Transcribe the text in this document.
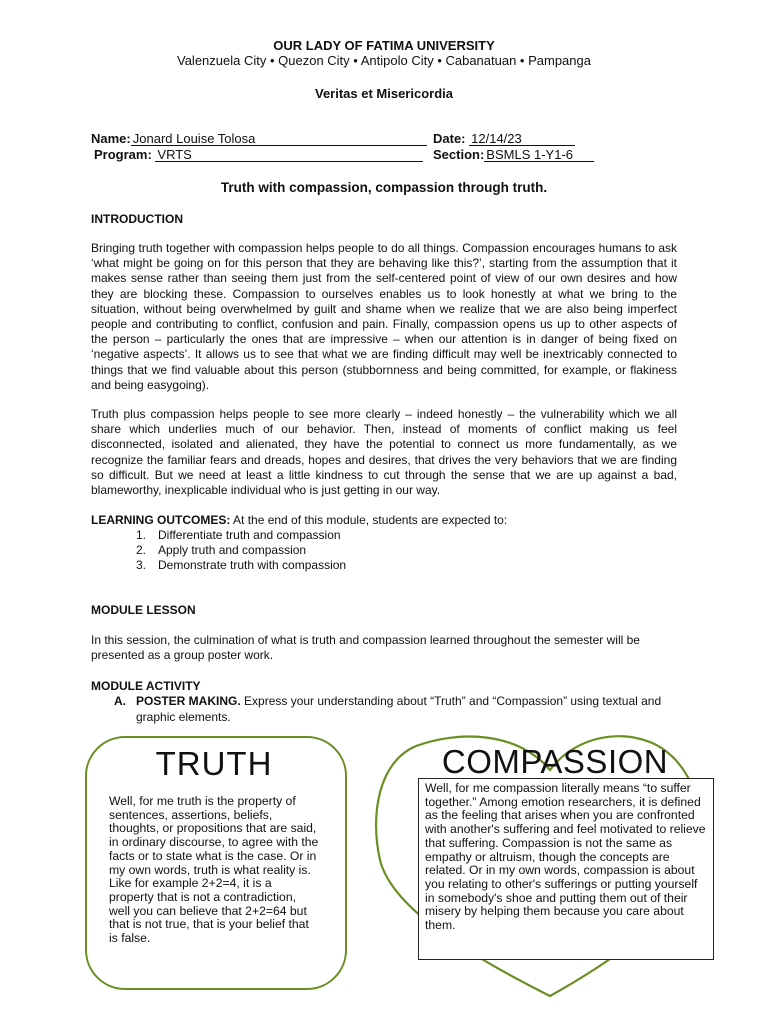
OUR LADY OF FATIMA UNIVERSITY
Valenzuela City • Quezon City • Antipolo City • Cabanatuan • Pampanga
Veritas et Misericordia
Name: Jonard Louise Tolosa	Date: 12/14/23
Program: VRTS	Section: BSMLS 1-Y1-6
Truth with compassion, compassion through truth.
INTRODUCTION
Bringing truth together with compassion helps people to do all things. Compassion encourages humans to ask ‘what might be going on for this person that they are behaving like this?’, starting from the assumption that it makes sense rather than seeing them just from the self-centered point of view of our own desires and how they are blocking these. Compassion to ourselves enables us to look honestly at what we bring to the situation, without being overwhelmed by guilt and shame when we realize that we are also being imperfect people and contributing to conflict, confusion and pain. Finally, compassion opens us up to other aspects of the person – particularly the ones that are impressive – when our attention is in danger of being fixed on ‘negative aspects’. It allows us to see that what we are finding difficult may well be inextricably connected to things that we find valuable about this person (stubbornness and being committed, for example, or flakiness and being easygoing).
Truth plus compassion helps people to see more clearly – indeed honestly – the vulnerability which we all share which underlies much of our behavior. Then, instead of moments of conflict making us feel disconnected, isolated and alienated, they have the potential to connect us more fundamentally, as we recognize the familiar fears and dreads, hopes and desires, that drives the very behaviors that we are finding so difficult. But we need at least a little kindness to cut through the sense that we are up against a bad, blameworthy, inexplicable individual who is just getting in our way.
LEARNING OUTCOMES: At the end of this module, students are expected to:
1. Differentiate truth and compassion
2. Apply truth and compassion
3. Demonstrate truth with compassion
MODULE LESSON
In this session, the culmination of what is truth and compassion learned throughout the semester will be presented as a group poster work.
MODULE ACTIVITY
A. POSTER MAKING. Express your understanding about “Truth” and “Compassion” using textual and
graphic elements.
TRUTH
Well, for me truth is the property of sentences, assertions, beliefs, thoughts, or propositions that are said, in ordinary discourse, to agree with the facts or to state what is the case. Or in my own words, truth is what reality is. Like for example 2+2=4, it is a property that is not a contradiction, well you can believe that 2+2=64 but that is not true, that is your belief that is false.
COMPASSION
Well, for me compassion literally means “to suffer together.” Among emotion researchers, it is defined as the feeling that arises when you are confronted with another's suffering and feel motivated to relieve that suffering. Compassion is not the same as empathy or altruism, though the concepts are related. Or in my own words, compassion is about you relating to other's sufferings or putting yourself in somebody's shoe and putting them out of their misery by helping them because you care about them.
